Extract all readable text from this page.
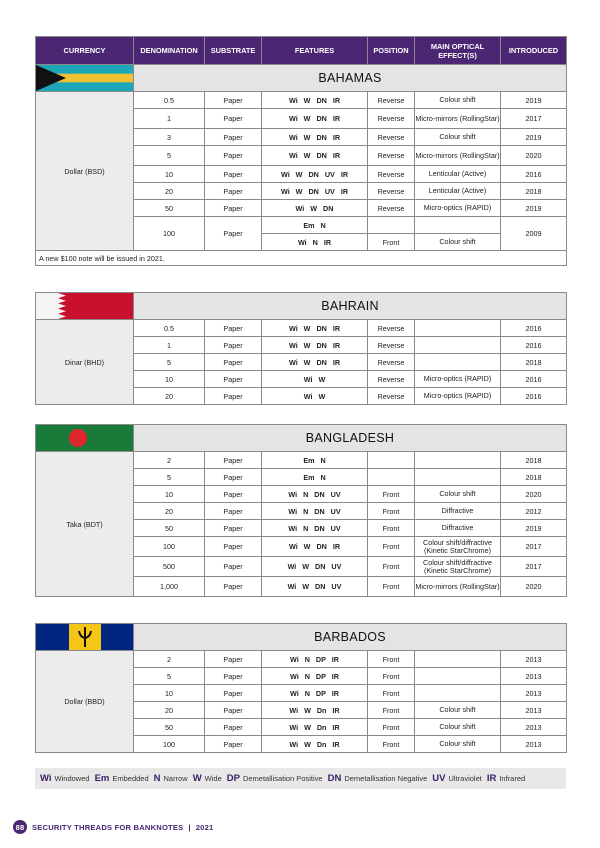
CURRENCY	DENOMINATION	SUBSTRATE	FEATURES	POSITION	MAIN OPTICAL EFFECT(S)	INTRODUCED

	BAHAMAS					
Dollar (BSD)	0.5	Paper	Wi W DN IR	Reverse	Colour shift	2019
	1	Paper	Wi W DN IR	Reverse	Micro-mirrors (RollingStar)	2017
	3	Paper	Wi W DN IR	Reverse	Colour shift	2019
	5	Paper	Wi W DN IR	Reverse	Micro-mirrors (RollingStar)	2020
	10	Paper	Wi W DN UV IR	Reverse	Lenticular (Active)	2016
	20	Paper	Wi W DN UV IR	Reverse	Lenticular (Active)	2018
	50	Paper	Wi W DN	Reverse	Micro-optics (RAPID)	2019
	100	Paper	Em N			2009
			Wi N IR	Front	Colour shift	
A new $100 note will be issued in 2021.						
	BAHRAIN					
Dinar (BHD)	0.5	Paper	Wi W DN IR	Reverse		2016
	1	Paper	Wi W DN IR	Reverse		2016
	5	Paper	Wi W DN IR	Reverse		2018
	10	Paper	Wi W	Reverse	Micro-optics (RAPID)	2016
	20	Paper	Wi W	Reverse	Micro-optics (RAPID)	2016
	BANGLADESH					
Taka (BDT)	2	Paper	Em N			2018
	5	Paper	Em N			2018
	10	Paper	Wi N DN UV	Front	Colour shift	2020
	20	Paper	Wi N DN UV	Front	Diffractive	2012
	50	Paper	Wi N DN UV	Front	Diffractive	2019
	100	Paper	Wi W DN IR	Front	Colour shift/diffractive (Kinetic StarChrome)	2017
	500	Paper	Wi W DN UV	Front	Colour shift/diffractive (Kinetic StarChrome)	2017
	1,000	Paper	Wi W DN UV	Front	Micro-mirrors (RollingStar)	2020
	BARBADOS					
Dollar (BBD)	2	Paper	Wi N DP IR	Front		2013
	5	Paper	Wi N DP IR	Front		2013
	10	Paper	Wi N DP IR	Front		2013
	20	Paper	Wi W Dn IR	Front	Colour shift	2013
	50	Paper	Wi W Dn IR	Front	Colour shift	2013
	100	Paper	Wi W Dn IR	Front	Colour shift	2013
Wi Windowed Em Embedded N Narrow W Wide DP Demetallisation Positive DN Demetallisation Negative UV Ultraviolet IR Infrared
88	SECURITY THREADS FOR BANKNOTES | 2021
